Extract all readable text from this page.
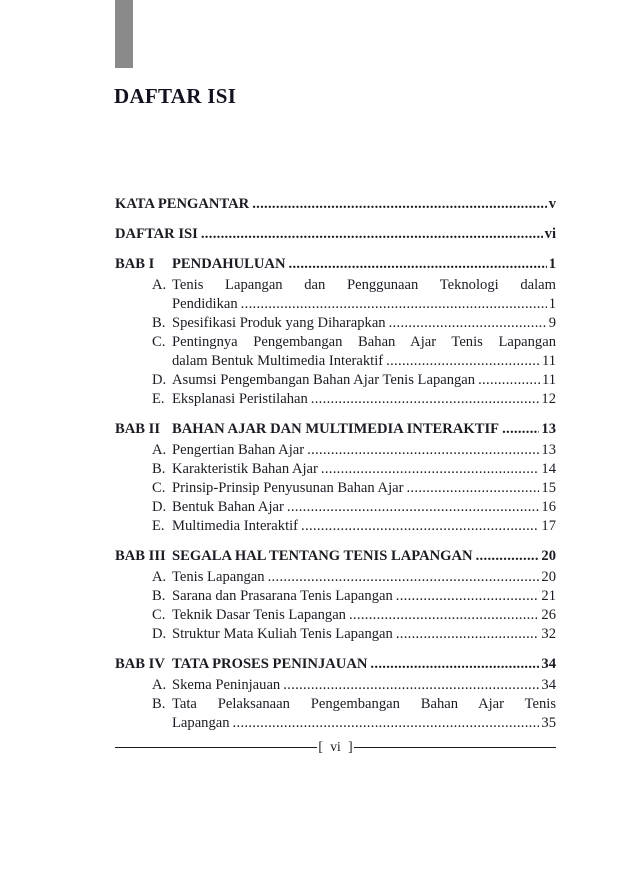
DAFTAR ISI
KATA PENGANTAR .....	v
DAFTAR ISI .....	vi
BAB I	PENDAHULUAN .....	1
A. Tenis Lapangan dan Penggunaan Teknologi dalam
Pendidikan .....	1
B. Spesifikasi Produk yang Diharapkan .....	9
C. Pentingnya Pengembangan Bahan Ajar Tenis Lapangan
dalam Bentuk Multimedia Interaktif .....	11
D. Asumsi Pengembangan Bahan Ajar Tenis Lapangan .....	11
E. Eksplanasi Peristilahan .....	12
BAB II BAHAN AJAR DAN MULTIMEDIA INTERAKTIF .....	13
A. Pengertian Bahan Ajar .....	13
B. Karakteristik Bahan Ajar .....	14
C. Prinsip-Prinsip Penyusunan Bahan Ajar .....	15
D. Bentuk Bahan Ajar .....	16
E. Multimedia Interaktif .....	17
BAB III SEGALA HAL TENTANG TENIS LAPANGAN .....	20
A. Tenis Lapangan .....	20
B. Sarana dan Prasarana Tenis Lapangan .....	21
C. Teknik Dasar Tenis Lapangan .....	26
D. Struktur Mata Kuliah Tenis Lapangan .....	32
BAB IV TATA PROSES PENINJAUAN .....	34
A. Skema Peninjauan .....	34
B. Tata Pelaksanaan Pengembangan Bahan Ajar Tenis
Lapangan .....	35
[ vi ]
